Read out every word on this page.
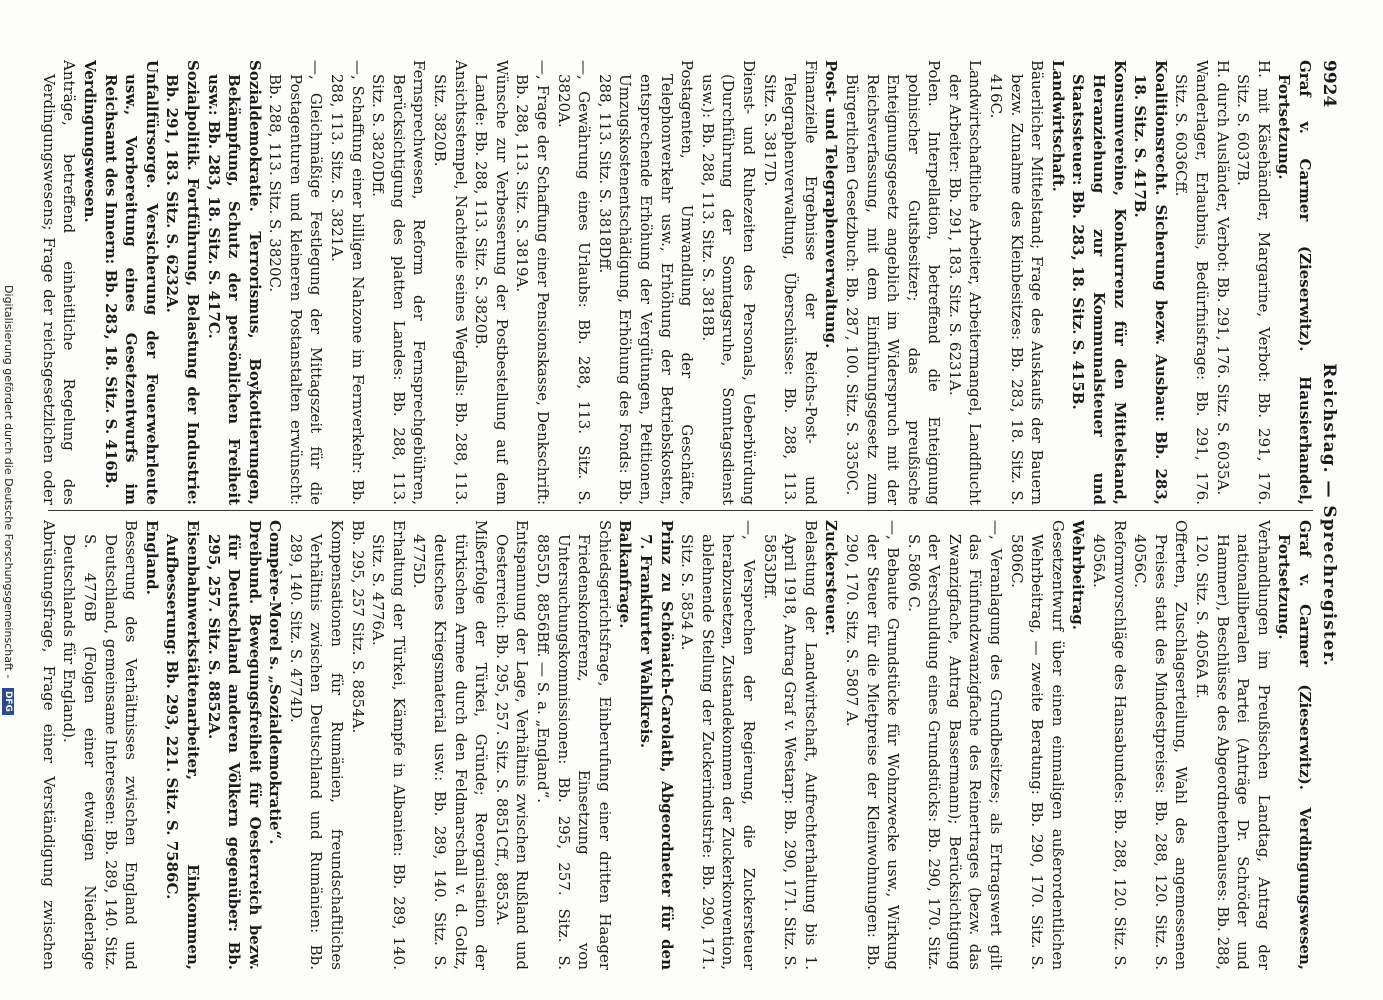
9924
Reichstag. — Sprechregister.

Graf v. Carmer (Zieserwitz). Hausierhandel, Fortsetzung.

H. mit Käsehändler, Margarine, Verbot: Bb. 291, 176. Sitz. S. 6037B.

H. durch Ausländer, Verbot: Bb. 291, 176. Sitz. S. 6035A.

Wanderlager, Erlaubnis, Bedürfnisfrage: Bb. 291, 176. Sitz. S. 6036Cff.

Koalitionsrecht. Sicherung bezw. Ausbau: Bb. 283, 18. Sitz. S. 417B.

Konsumvereine, Konkurrenz für den Mittelstand, Heranziehung zur Kommunalsteuer und Staatssteuer: Bb. 283, 18. Sitz. S. 415B.

Landwirtschaft.

Bäuerlicher Mittelstand; Frage des Auskaufs der Bauern bezw. Zunahme des Kleinbesitzes: Bb. 283, 18. Sitz. S. 416C.

Landwirtschaftliche Arbeiter, Arbeitermangel, Landflucht der Arbeiter: Bb. 291, 183. Sitz. S. 6231A.

Polen. Interpellation, betreffend die Enteignung polnischer Gutsbesitzer; das preußische Enteignungsgesetz angeblich im Widerspruch mit der Reichsverfassung, mit dem Einführungsgesetz zum Bürgerlichen Gesetzbuch: Bb. 287, 100. Sitz. S. 3350C.

Post- und Telegraphenverwaltung.

Finanzielle Ergebnisse der Reichs-Post- und Telegraphenverwaltung, Überschüsse: Bb. 288, 113. Sitz. S. 3817D.

Dienst- und Ruhezeiten des Personals, Ueberbürdung (Durchführung der Sonntagsruhe, Sonntagsdienst usw.): Bb. 288, 113. Sitz. S. 3818B.

Postagenten, Umwandlung der Geschäfte, Telephonverkehr usw., Erhöhung der Betriebskosten, entsprechende Erhöhung der Vergütungen, Petitionen, Umzugskostenentschädigung, Erhöhung des Fonds: Bb. 288, 113. Sitz. S. 3818Dff.

—, Gewährung eines Urlaubs: Bb. 288, 113. Sitz. S. 3820A.

—, Frage der Schaffung einer Pensionskasse, Denkschrift: Bb. 288, 113. Sitz. S. 3819A.

Wünsche zur Verbesserung der Postbestellung auf dem Lande: Bb. 288, 113. Sitz. S. 3820B.

Ansichtsstempel, Nachteile seines Wegfalls: Bb. 288, 113. Sitz. 3820B.

Fernsprechwesen, Reform der Fernsprechgebühren, Berücksichtigung des platten Landes: Bb. 288, 113. Sitz. S. 3820Dff.

—, Schaffung einer billigen Nahzone im Fernverkehr: Bb. 288, 113. Sitz. S. 3821A.

—, Gleichmäßige Festlegung der Mittagszeit für die Postagenturen und kleineren Postanstalten erwünscht: Bb. 288, 113. Sitz. S. 3820C.

Sozialdemokratie. Terrorismus, Boykottierungen, Bekämpfung, Schutz der persönlichen Freiheit usw.: Bb. 283, 18. Sitz. S. 417C.

Sozialpolitik. Fortführung, Belastung der Industrie: Bb. 291, 183. Sitz. S. 6232A.

Unfallfürsorge. Versicherung der Feuerwehrleute usw., Vorbereitung eines Gesetzentwurfs im Reichsamt des Innern: Bb. 283, 18. Sitz. S. 416B.

Verdingungswesen.

Anträge, betreffend einheitliche Regelung des Verdingungswesens; Frage der reichsgesetzlichen oder

Graf v. Carmer (Zieserwitz). Verdingungswesen, Fortsetzung.

Verhandlungen im Preußischen Landtag, Antrag der nationalliberalen Partei (Anträge Dr. Schröder und Hammer), Beschlüsse des Abgeordnetenhauses: Bb. 288, 120. Sitz. S. 4056A ff.

Offerten, Zuschlagserteilung, Wahl des angemessenen Preises statt des Mindestpreises: Bb. 288, 120. Sitz. S. 4056C.

Reformvorschläge des Hansabundes: Bb. 288, 120. Sitz. S. 4056A.

Wehrbeitrag.

Gesetzentwurf über einen einmaligen außerordentlichen Wehrbeitrag, — zweite Beratung: Bb. 290, 170. Sitz. S. 5806C.

—, Veranlagung des Grundbesitzes; als Ertragswert gilt das Fünfundzwanzigfache des Reinertrages (bezw. das Zwanzigfache, Antrag Bassermann); Berücksichtigung der Verschuldung eines Grundstücks: Bb. 290, 170. Sitz. S. 5806 C.

—, Bebaute Grundstücke für Wohnzwecke usw., Wirkung der Steuer für die Mietpreise der Kleinwohnungen: Bb. 290, 170. Sitz. S. 5807 A.

Zuckersteuer.

Belastung der Landwirtschaft, Aufrechterhaltung bis 1. April 1918, Antrag Graf v. Westarp: Bb. 290, 171. Sitz. S. 5853Dff.

—, Versprechen der Regierung, die Zuckersteuer herabzusetzen, Zustandekommen der Zuckerkonvention, ablehnende Stellung der Zuckerindustrie: Bb. 290, 171. Sitz. S. 5854 A.

Prinz zu Schönaich-Carolath, Abgeordneter für den 7. Frankfurter Wahlkreis.

Balkanfrage.

Schiedsgerichtsfrage, Einberufung einer dritten Haager Friedenskonferenz, Einsetzung von Untersuchungskommissionen: Bb. 295, 257. Sitz. S. 8855D, 8856Bff. — S. a. „England“.

Entspannung der Lage, Verhältnis zwischen Rußland und Oesterreich: Bb. 295, 257. Sitz. S. 8851Cff., 8853A.

Mißerfolge der Türkei, Gründe; Reorganisation der türkischen Armee durch den Feldmarschall v. d. Goltz, deutsches Kriegsmaterial usw.: Bb. 289, 140. Sitz. S. 4775D.

Erhaltung der Türkei, Kämpfe in Albanien: Bb. 289, 140. Sitz. S. 4776A.

Bb. 295, 257 Sitz. S. 8854A.

Kompensationen für Rumänien, freundschaftliches Verhältnis zwischen Deutschland und Rumänien: Bb. 289, 140. Sitz. S. 4774D.

Compère-Morel s. „Sozialdemokratie“.

Dreibund. Bewegungsfreiheit für Oesterreich bezw. für Deutschland anderen Völkern gegenüber: Bb. 295, 257. Sitz. S. 8852A.

Eisenbahnwerkstättenarbeiter, Einkommen, Aufbesserung: Bb. 293, 221. Sitz. S. 7586C.

England.

Besserung des Verhältnisses zwischen England und Deutschland, gemeinsame Interessen: Bb. 289, 140. Sitz. S. 4776B (Folgen einer etwaigen Niederlage Deutschlands für England).

Abrüstungsfrage, Frage einer Verständigung zwischen

Digitalisierung gefördert durch die Deutsche Forschungsgemeinschaft - DFG
